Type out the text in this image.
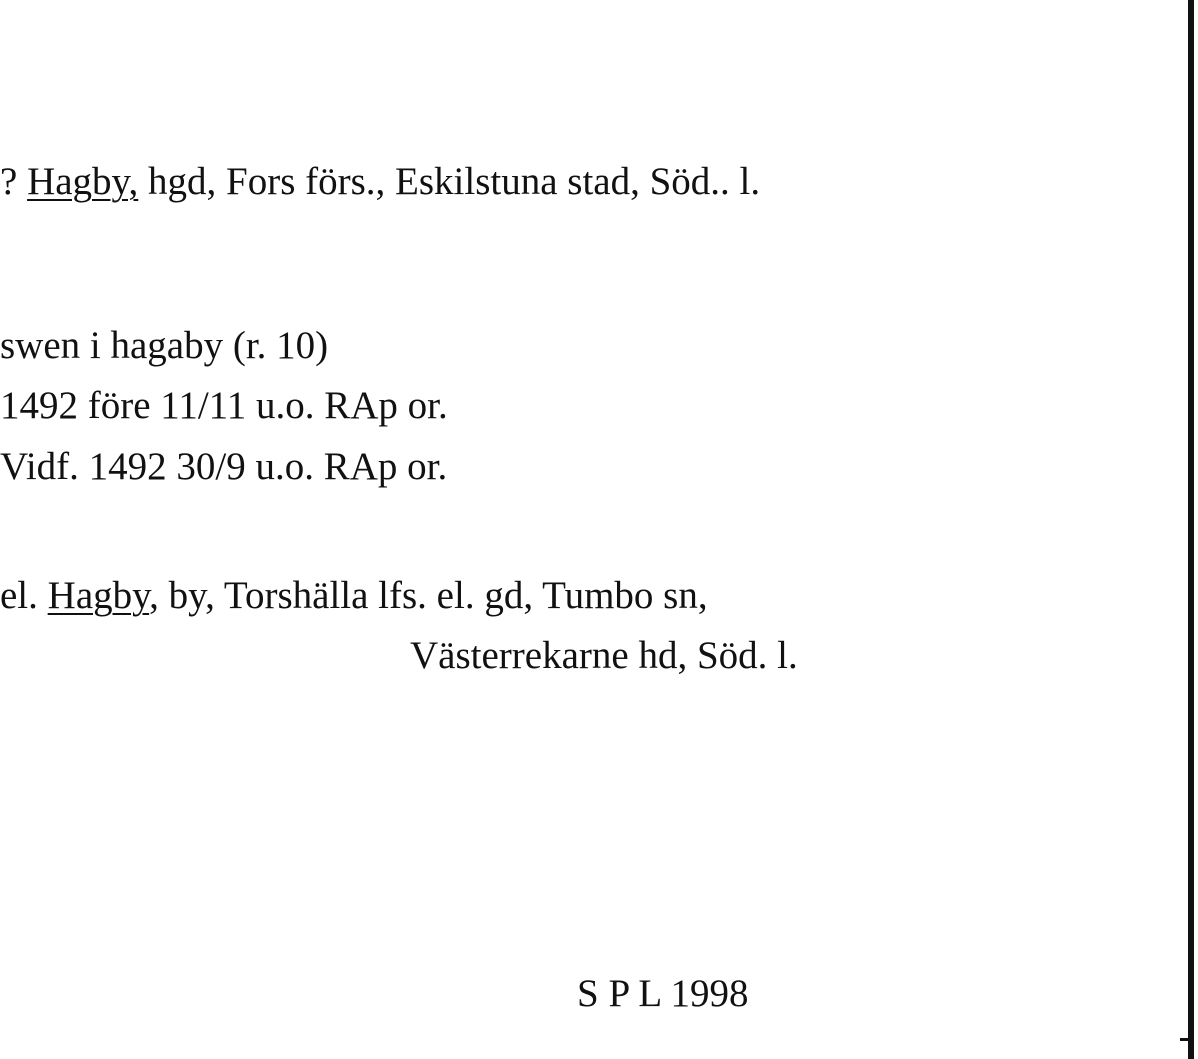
? Hagby, hgd, Fors förs., Eskilstuna stad, Söd.. l.
swen i hagaby (r. 10)
1492 före 11/11 u.o. RAp or.
Vidf. 1492 30/9 u.o. RAp or.
el. Hagby, by, Torshälla lfs. el. gd, Tumbo sn,
Västerrekarne hd, Söd. l.
S P L 1998
